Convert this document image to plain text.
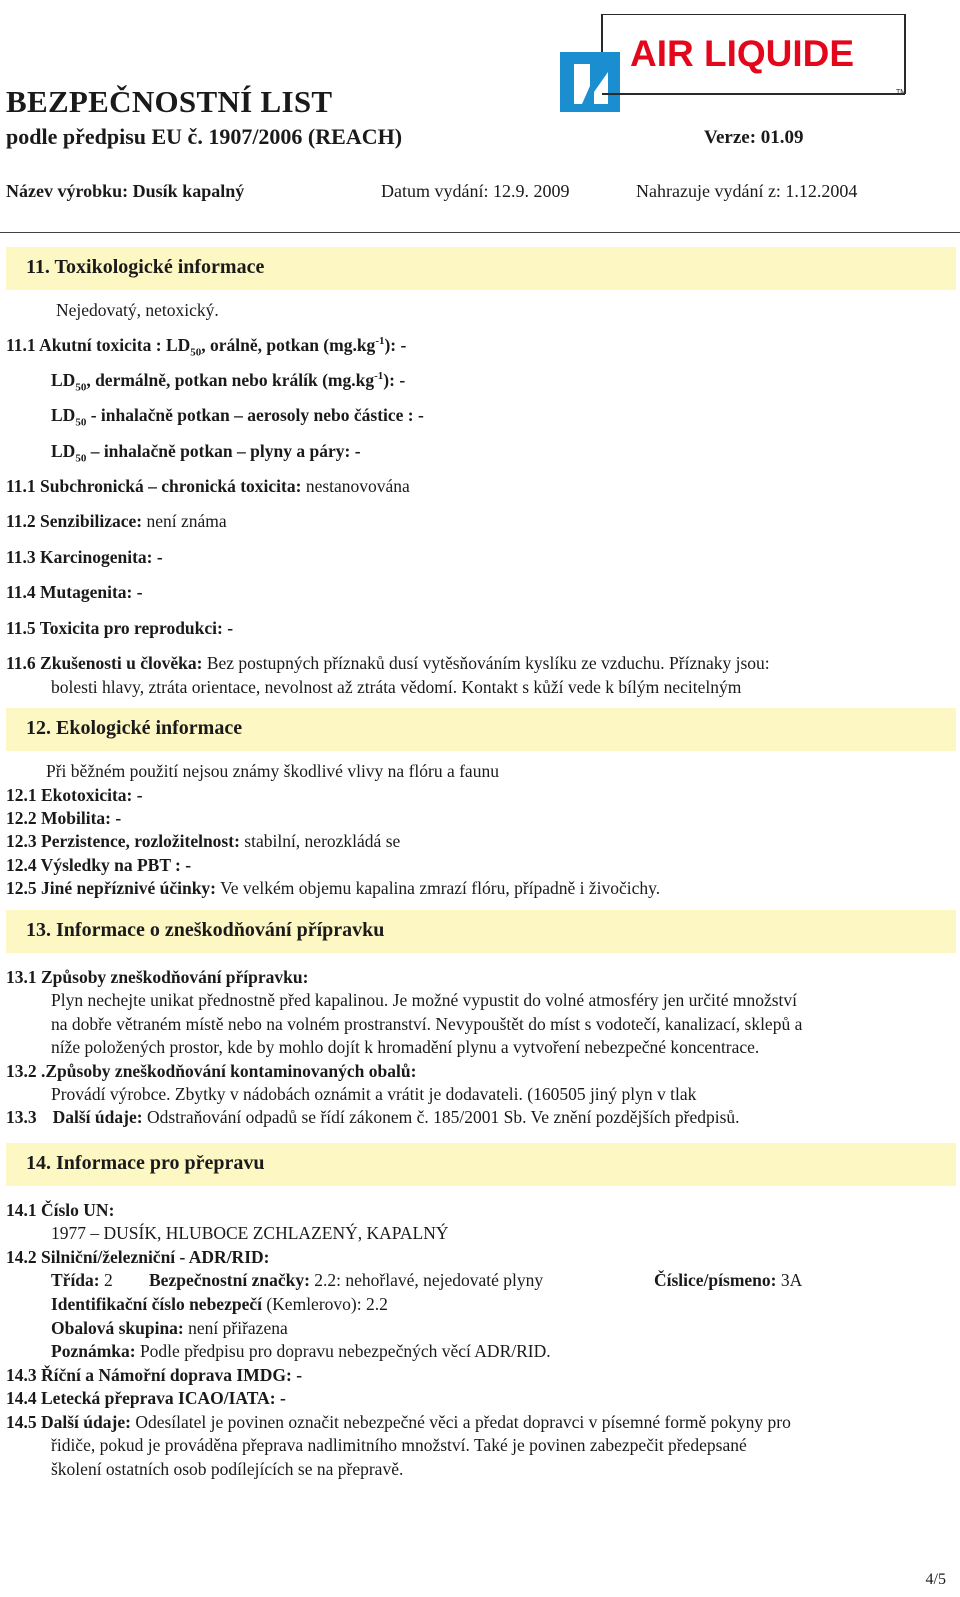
AIR LIQUIDE
TM
BEZPEČNOSTNÍ LIST
podle předpisu EU č. 1907/2006 (REACH)	Verze: 01.09
Název výrobku: Dusík kapalný	Datum vydání: 12.9. 2009	Nahrazuje vydání z: 1.12.2004
11. Toxikologické informace
Nejedovatý, netoxický.
11.1 Akutní toxicita : $LD_{50}$, orálně, potkan $(mg.kg^{-1})$: -
$LD_{50}$, dermálně, potkan nebo králík $(mg.kg^{-1})$: -
$LD_{50}$ - inhalačně potkan – aerosoly nebo částice : -
$LD_{50}$ – inhalačně potkan – plyny a páry: -
11.1 Subchronická – chronická toxicita: nestanovována
11.2 Senzibilizace: není známa
11.3 Karcinogenita: -
11.4 Mutagenita: -
11.5 Toxicita pro reprodukci: -
11.6 Zkušenosti u člověka: Bez postupných příznaků dusí vytěsňováním kyslíku ze vzduchu. Příznaky jsou:
bolesti hlavy, ztráta orientace, nevolnost až ztráta vědomí. Kontakt s kůží vede k bílým necitelným
12. Ekologické informace
Při běžném použití nejsou známy škodlivé vlivy na flóru a faunu
12.1 Ekotoxicita: -
12.2 Mobilita: -
12.3 Perzistence, rozložitelnost: stabilní, nerozkládá se
12.4 Výsledky na PBT : -
12.5 Jiné nepříznivé účinky: Ve velkém objemu kapalina zmrazí flóru, případně i živočichy.
13. Informace o zneškodňování přípravku
13.1 Způsoby zneškodňování přípravku:
Plyn nechejte unikat přednostně před kapalinou. Je možné vypustit do volné atmosféry jen určité množství
na dobře větraném místě nebo na volném prostranství. Nevypouštět do míst s vodotečí, kanalizací, sklepů a
níže položených prostor, kde by mohlo dojít k hromadění plynu a vytvoření nebezpečné koncentrace.
13.2 .Způsoby zneškodňování kontaminovaných obalů:
Provádí výrobce. Zbytky v nádobách oznámit a vrátit je dodavateli. (160505 jiný plyn v tlak
13.3 Další údaje: Odstraňování odpadů se řídí zákonem č. 185/2001 Sb. Ve znění pozdějších předpisů.
14. Informace pro přepravu
14.1 Číslo UN:
1977 – DUSÍK, HLUBOCE ZCHLAZENÝ, KAPALNÝ
14.2 Silniční/železniční - ADR/RID:
Třída: 2 Bezpečnostní značky: 2.2: nehořlavé, nejedovaté plyny	Číslice/písmeno: 3A
Identifikační číslo nebezpečí (Kemlerovo): 2.2
Obalová skupina: není přiřazena
Poznámka: Podle předpisu pro dopravu nebezpečných věcí ADR/RID.
14.3 Říční a Námořní doprava IMDG: -
14.4 Letecká přeprava ICAO/IATA: -
14.5 Další údaje: Odesílatel je povinen označit nebezpečné věci a předat dopravci v písemné formě pokyny pro
řidiče, pokud je prováděna přeprava nadlimitního množství. Také je povinen zabezpečit předepsané
školení ostatních osob podílejících se na přepravě.
4/5
